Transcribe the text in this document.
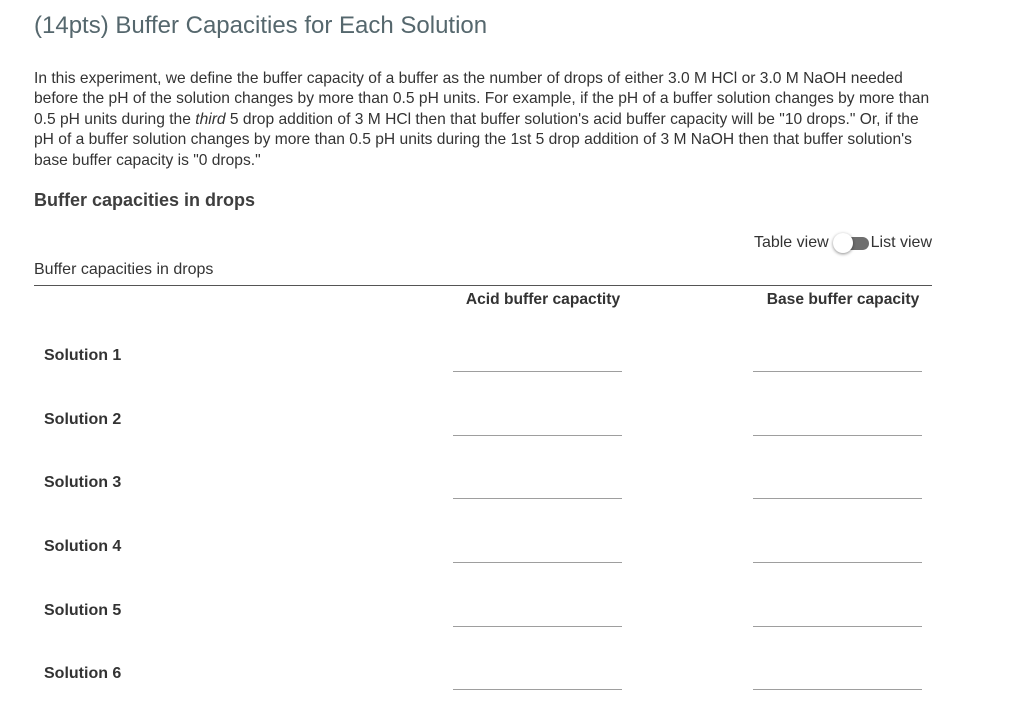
(14pts) Buffer Capacities for Each Solution

In this experiment, we define the buffer capacity of a buffer as the number of drops of either 3.0 M HCl or 3.0 M NaOH needed before the pH of the solution changes by more than 0.5 pH units. For example, if the pH of a buffer solution changes by more than 0.5 pH units during the third 5 drop addition of 3 M HCl then that buffer solution's acid buffer capacity will be "10 drops." Or, if the pH of a buffer solution changes by more than 0.5 pH units during the 1st 5 drop addition of 3 M NaOH then that buffer solution's base buffer capacity is "0 drops."

Buffer capacities in drops
Table view	List view
Buffer capacities in drops
Acid buffer capactity	Base buffer capacity
Solution 1
Solution 2
Solution 3
Solution 4
Solution 5
Solution 6
